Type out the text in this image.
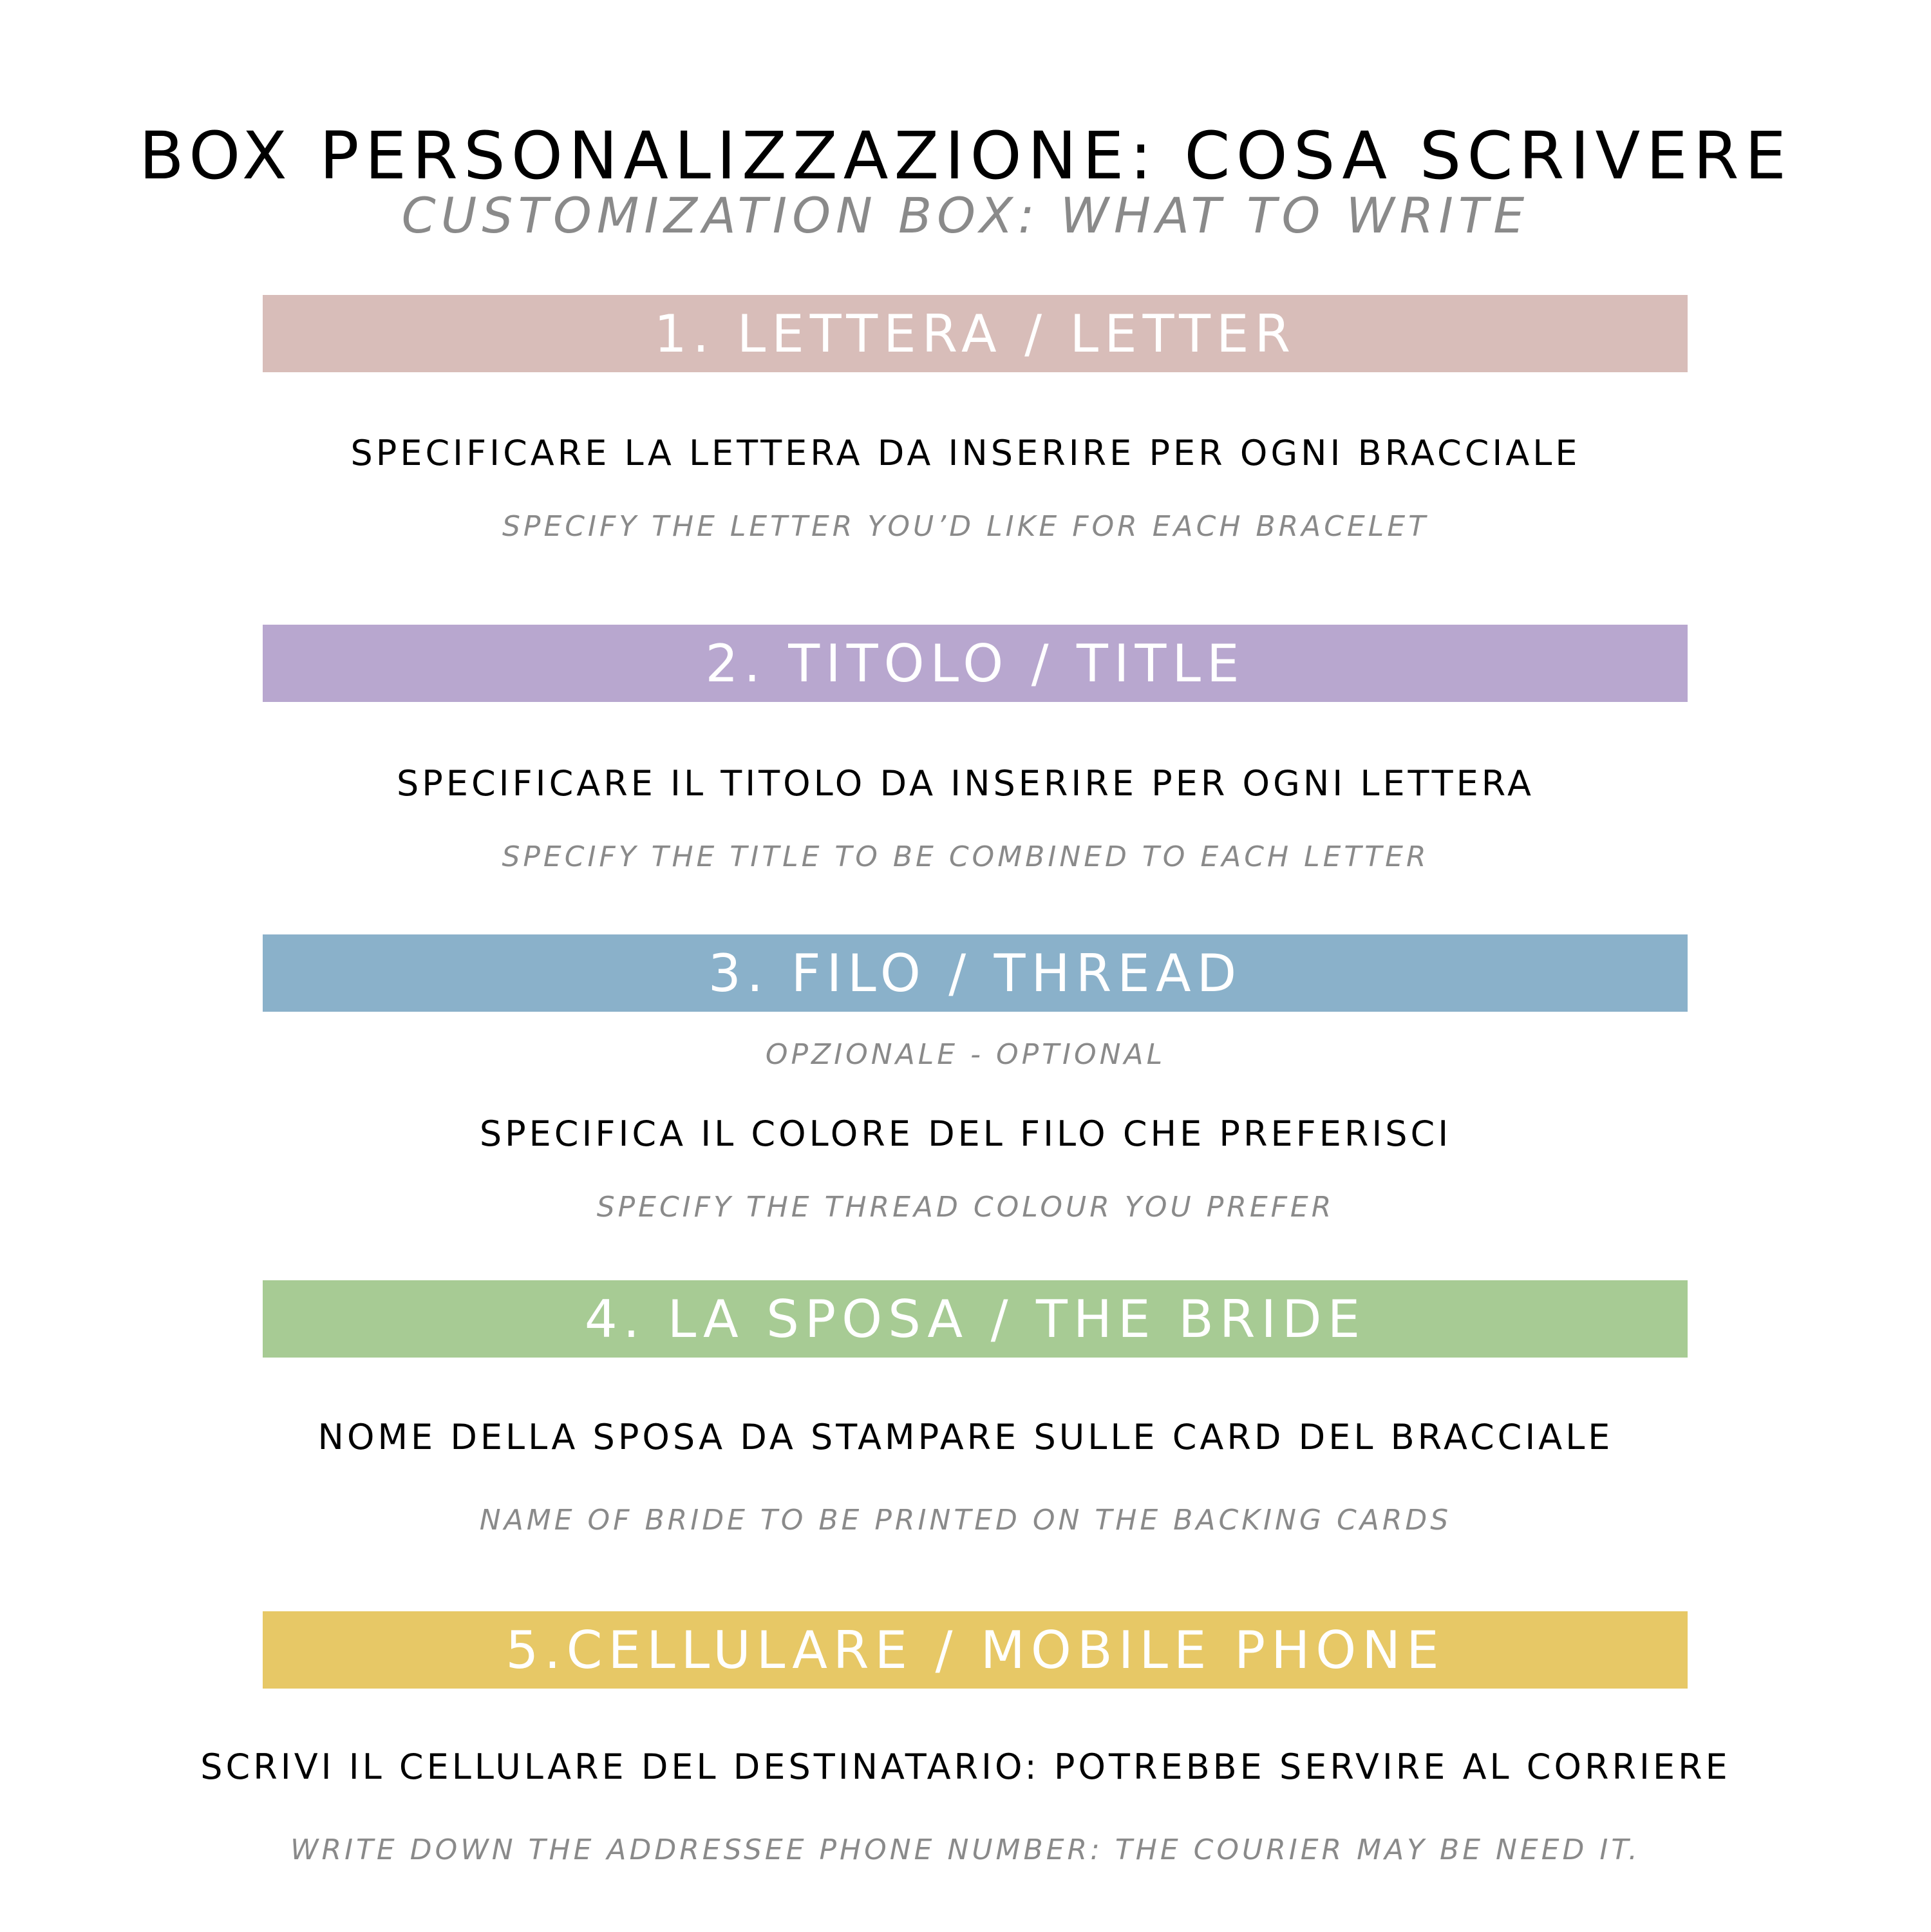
BOX PERSONALIZZAZIONE: COSA SCRIVERE
CUSTOMIZATION BOX: WHAT TO WRITE
1. LETTERA / LETTER
SPECIFICARE LA LETTERA DA INSERIRE PER OGNI BRACCIALE
SPECIFY THE LETTER YOU’D LIKE FOR EACH BRACELET
2. TITOLO / TITLE
SPECIFICARE IL TITOLO DA INSERIRE PER OGNI LETTERA
SPECIFY THE TITLE TO BE COMBINED TO EACH LETTER
3. FILO / THREAD
OPZIONALE - OPTIONAL
SPECIFICA IL COLORE DEL FILO CHE PREFERISCI
SPECIFY THE THREAD COLOUR YOU PREFER
4. LA SPOSA / THE BRIDE
NOME DELLA SPOSA DA STAMPARE SULLE CARD DEL BRACCIALE
NAME OF BRIDE TO BE PRINTED ON THE BACKING CARDS
5.CELLULARE / MOBILE PHONE
SCRIVI IL CELLULARE DEL DESTINATARIO: POTREBBE SERVIRE AL CORRIERE
WRITE DOWN THE ADDRESSEE PHONE NUMBER: THE COURIER MAY BE NEED IT.
